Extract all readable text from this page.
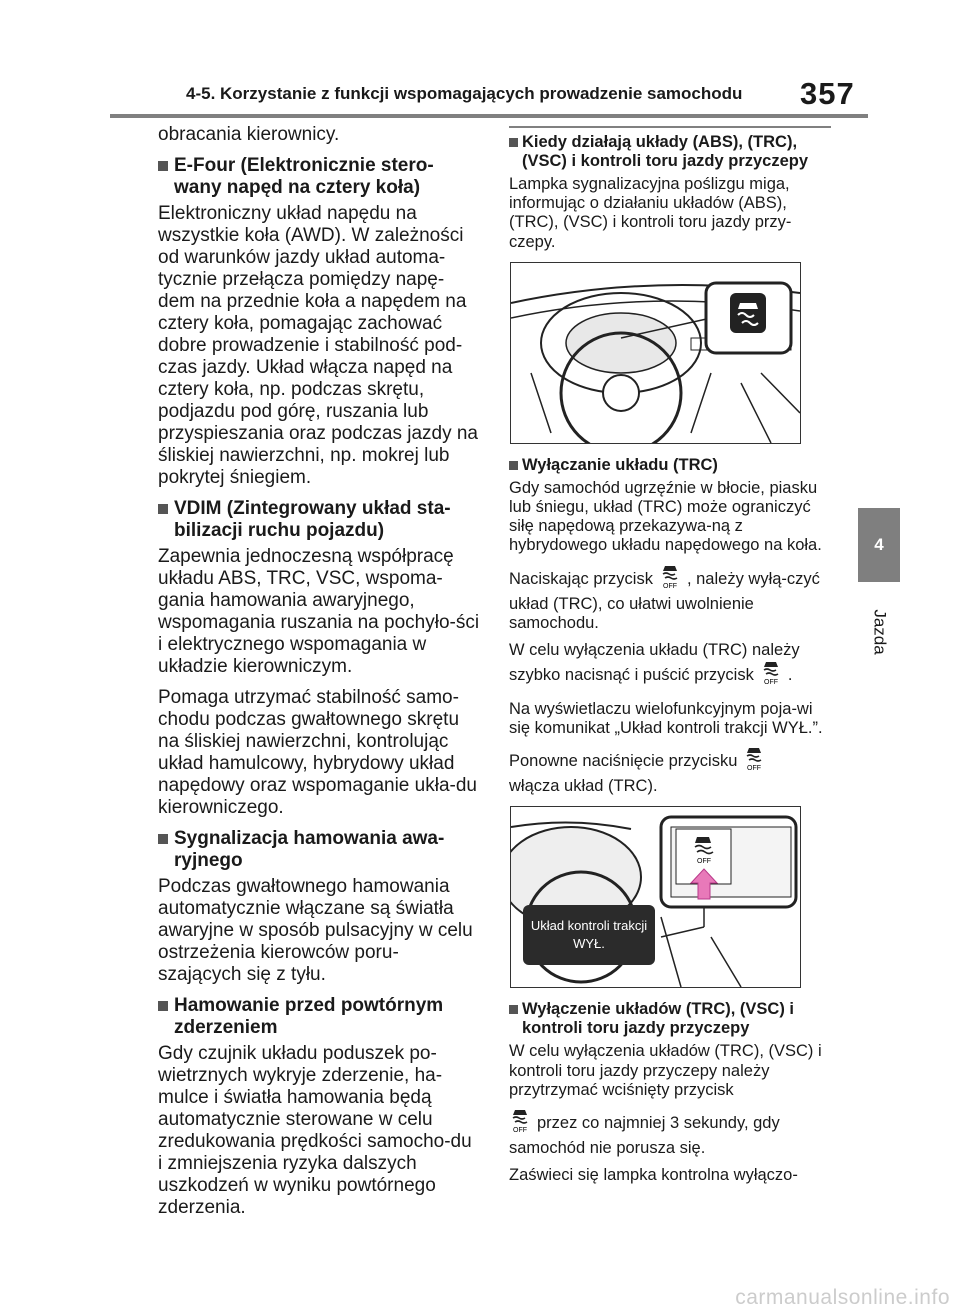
4-5. Korzystanie z funkcji wspomagających prowadzenie samochodu 357
4
Jazda

obracania kierownicy.

E-Four (Elektronicznie stero-wany napęd na cztery koła)

Elektroniczny układ napędu na wszystkie koła (AWD). W zależności od warunków jazdy układ automa-tycznie przełącza pomiędzy napę-dem na przednie koła a napędem na cztery koła, pomagając zachować dobre prowadzenie i stabilność pod-czas jazdy. Układ włącza napęd na cztery koła, np. podczas skrętu, podjazdu pod górę, ruszania lub przyspieszania oraz podczas jazdy na śliskiej nawierzchni, np. mokrej lub pokrytej śniegiem.

VDIM (Zintegrowany układ sta-bilizacji ruchu pojazdu)

Zapewnia jednoczesną współpracę układu ABS, TRC, VSC, wspoma-gania hamowania awaryjnego, wspomagania ruszania na pochyło-ści i elektrycznego wspomagania w układzie kierowniczym.

Pomaga utrzymać stabilność samo-chodu podczas gwałtownego skrętu na śliskiej nawierzchni, kontrolując układ hamulcowy, hybrydowy układ napędowy oraz wspomaganie ukła-du kierowniczego.

Sygnalizacja hamowania awa-ryjnego

Podczas gwałtownego hamowania automatycznie włączane są światła awaryjne w sposób pulsacyjny w celu ostrzeżenia kierowców poru-szających się z tyłu.

Hamowanie przed powtórnym zderzeniem

Gdy czujnik układu poduszek po-wietrznych wykryje zderzenie, ha-mulce i światła hamowania będą automatycznie sterowane w celu zredukowania prędkości samocho-du i zmniejszenia ryzyka dalszych uszkodzeń w wyniku powtórnego zderzenia.

Kiedy działają układy (ABS), (TRC), (VSC) i kontroli toru jazdy przyczepy

Lampka sygnalizacyjna poślizgu miga, informując o działaniu układów (ABS), (TRC), (VSC) i kontroli toru jazdy przy-czepy.

Wyłączanie układu (TRC)

Gdy samochód ugrzęźnie w błocie, piasku lub śniegu, układ (TRC) może ograniczyć siłę napędową przekazywa-ną z hybrydowego układu napędowego na koła.

Naciskając przycisk OFF , należy wyłą-czyć układ (TRC), co ułatwi uwolnienie samochodu.

W celu wyłączenia układu (TRC) należy szybko nacisnąć i puścić przycisk OFF .

Na wyświetlaczu wielofunkcyjnym poja-wi się komunikat „Układ kontroli trakcji WYŁ.”.

Ponowne naciśnięcie przycisku OFF

włącza układ (TRC).

OFF
Układ kontroli trakcji
WYŁ.
Wyłączenie układów (TRC), (VSC) i kontroli toru jazdy przyczepy

W celu wyłączenia układów (TRC), (VSC) i kontroli toru jazdy przyczepy należy przytrzymać wciśnięty przycisk

OFF przez co najmniej 3 sekundy, gdy samochód nie porusza się.

Zaświeci się lampka kontrolna wyłączo-

carmanualsonline.info
